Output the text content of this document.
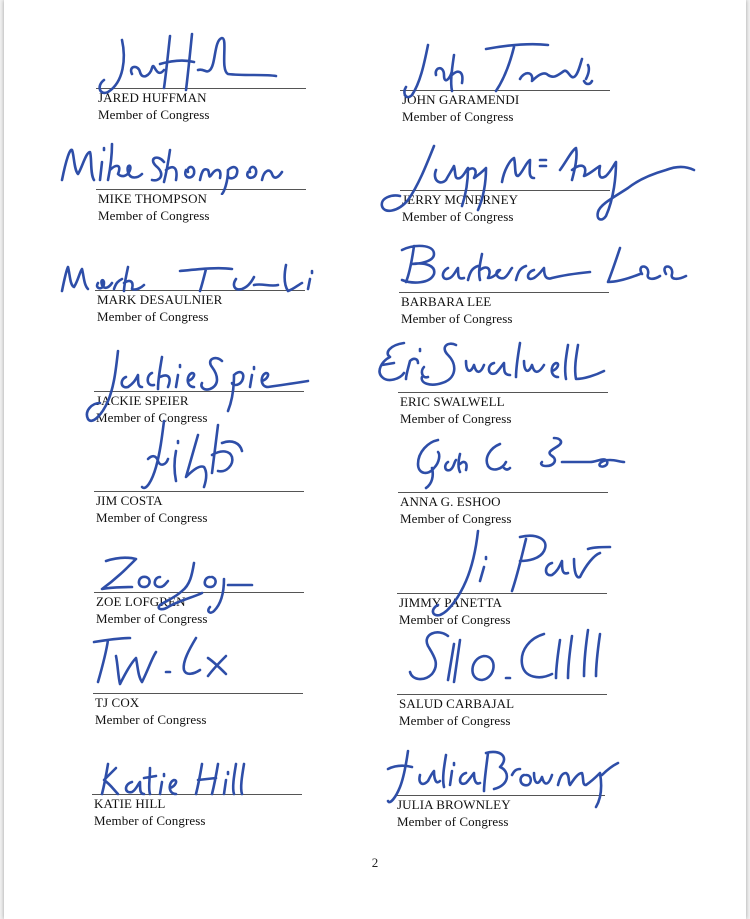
JARED HUFFMAN
Member of Congress
JOHN GARAMENDI
Member of Congress
MIKE THOMPSON
Member of Congress
JERRY MCNERNEY
Member of Congress
MARK DESAULNIER
Member of Congress
BARBARA LEE
Member of Congress
JACKIE SPEIER
Member of Congress
ERIC SWALWELL
Member of Congress
JIM COSTA
Member of Congress
ANNA G. ESHOO
Member of Congress
ZOE LOFGREN
Member of Congress
JIMMY PANETTA
Member of Congress
TJ COX
Member of Congress
SALUD CARBAJAL
Member of Congress
KATIE HILL
Member of Congress
JULIA BROWNLEY
Member of Congress
2
